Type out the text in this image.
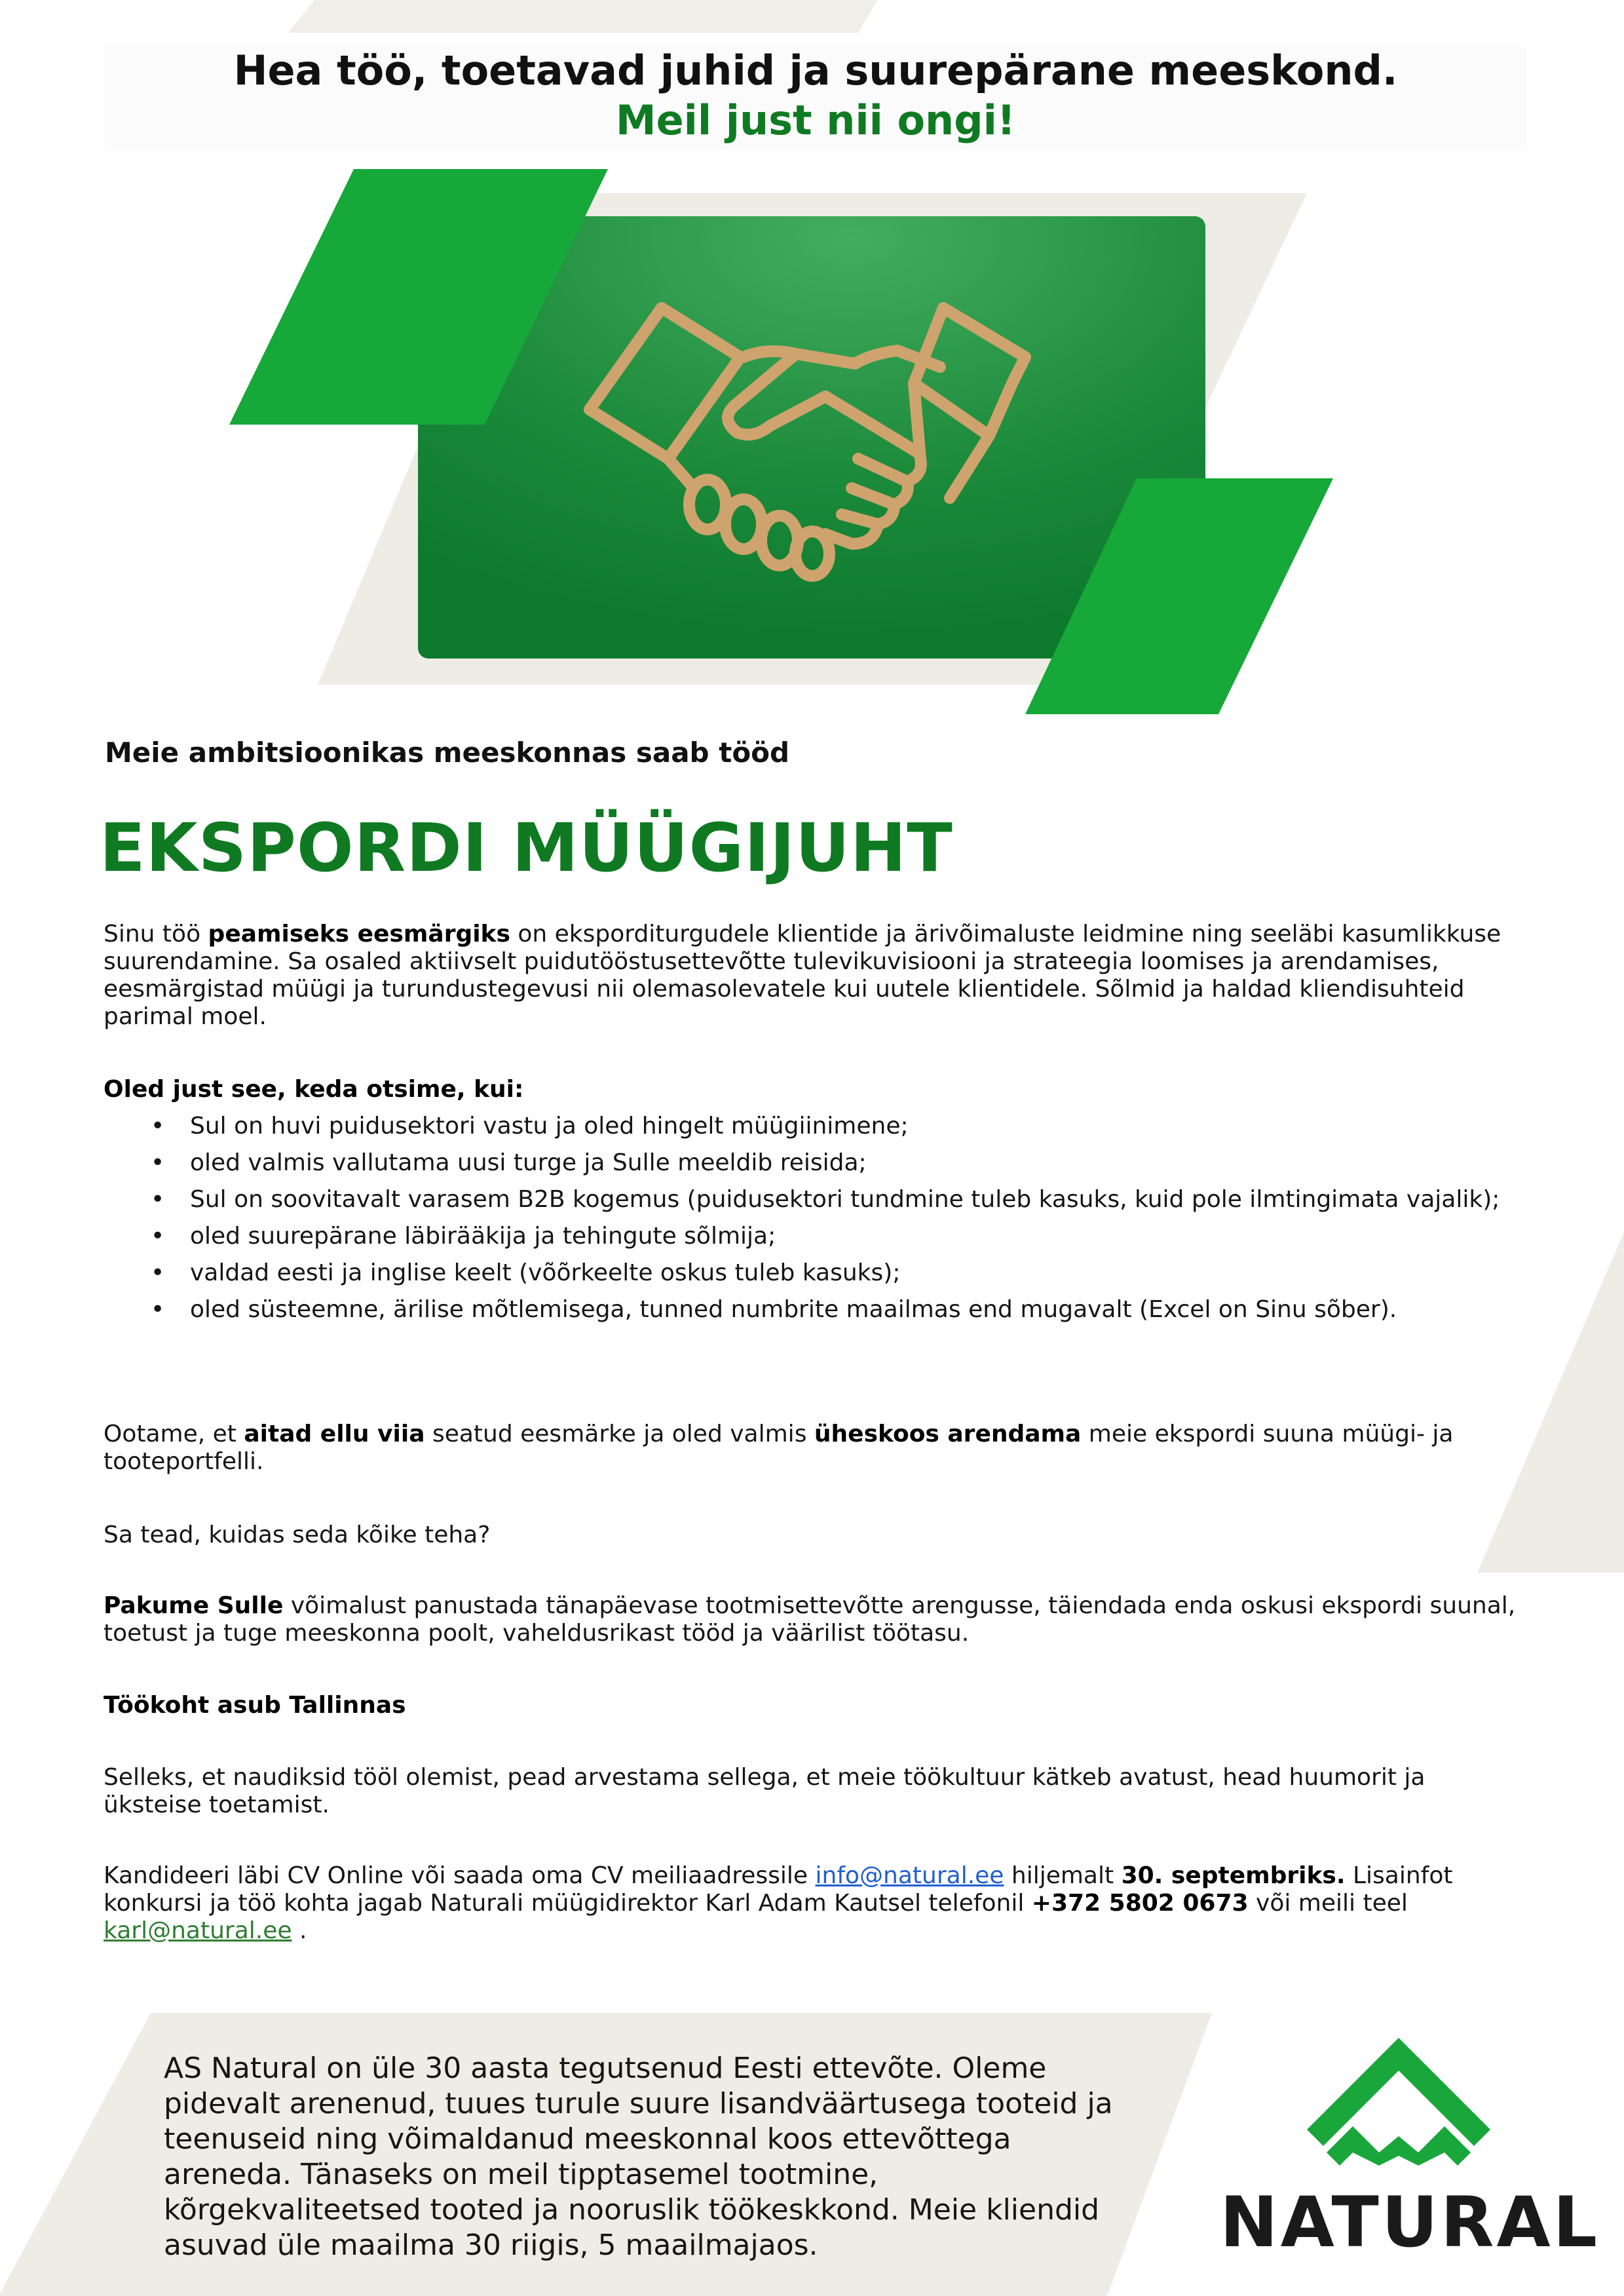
Hea töö, toetavad juhid ja suurepärane meeskond.
Meil just nii ongi!
Meie ambitsioonikas meeskonnas saab tööd
EKSPORDI MÜÜGIJUHT
Sinu töö peamiseks eesmärgiks on eksporditurgudele klientide ja ärivõimaluste leidmine ning seeläbi kasumlikkuse suurendamine. Sa osaled aktiivselt puidutööstusettevõtte tulevikuvisiooni ja strateegia loomises ja arendamises, eesmärgistad müügi ja turundustegevusi nii olemasolevatele kui uutele klientidele. Sõlmid ja haldad kliendisuhteid parimal moel.
Oled just see, keda otsime, kui:
• Sul on huvi puidusektori vastu ja oled hingelt müügiinimene;
• oled valmis vallutama uusi turge ja Sulle meeldib reisida;
• Sul on soovitavalt varasem B2B kogemus (puidusektori tundmine tuleb kasuks, kuid pole ilmtingimata vajalik);
• oled suurepärane läbirääkija ja tehingute sõlmija;
• valdad eesti ja inglise keelt (võõrkeelte oskus tuleb kasuks);
• oled süsteemne, ärilise mõtlemisega, tunned numbrite maailmas end mugavalt (Excel on Sinu sõber).
Ootame, et aitad ellu viia seatud eesmärke ja oled valmis üheskoos arendama meie ekspordi suuna müügi- ja tooteportfelli.
Sa tead, kuidas seda kõike teha?
Pakume Sulle võimalust panustada tänapäevase tootmisettevõtte arengusse, täiendada enda oskusi ekspordi suunal, toetust ja tuge meeskonna poolt, vaheldusrikast tööd ja väärilist töötasu.
Töökoht asub Tallinnas
Selleks, et naudiksid tööl olemist, pead arvestama sellega, et meie töökultuur kätkeb avatust, head huumorit ja üksteise toetamist.
Kandideeri läbi CV Online või saada oma CV meiliaadressile info@natural.ee hiljemalt 30. septembriks. Lisainfot konkursi ja töö kohta jagab Naturali müügidirektor Karl Adam Kautsel telefonil +372 5802 0673 või meili teel karl@natural.ee .
AS Natural on üle 30 aasta tegutsenud Eesti ettevõte. Oleme pidevalt arenenud, tuues turule suure lisandväärtusega tooteid ja teenuseid ning võimaldanud meeskonnal koos ettevõttega areneda. Tänaseks on meil tipptasemel tootmine, kõrgekvaliteetsed tooted ja nooruslik töökeskkond. Meie kliendid asuvad üle maailma 30 riigis, 5 maailmajaos.	NATURAL
